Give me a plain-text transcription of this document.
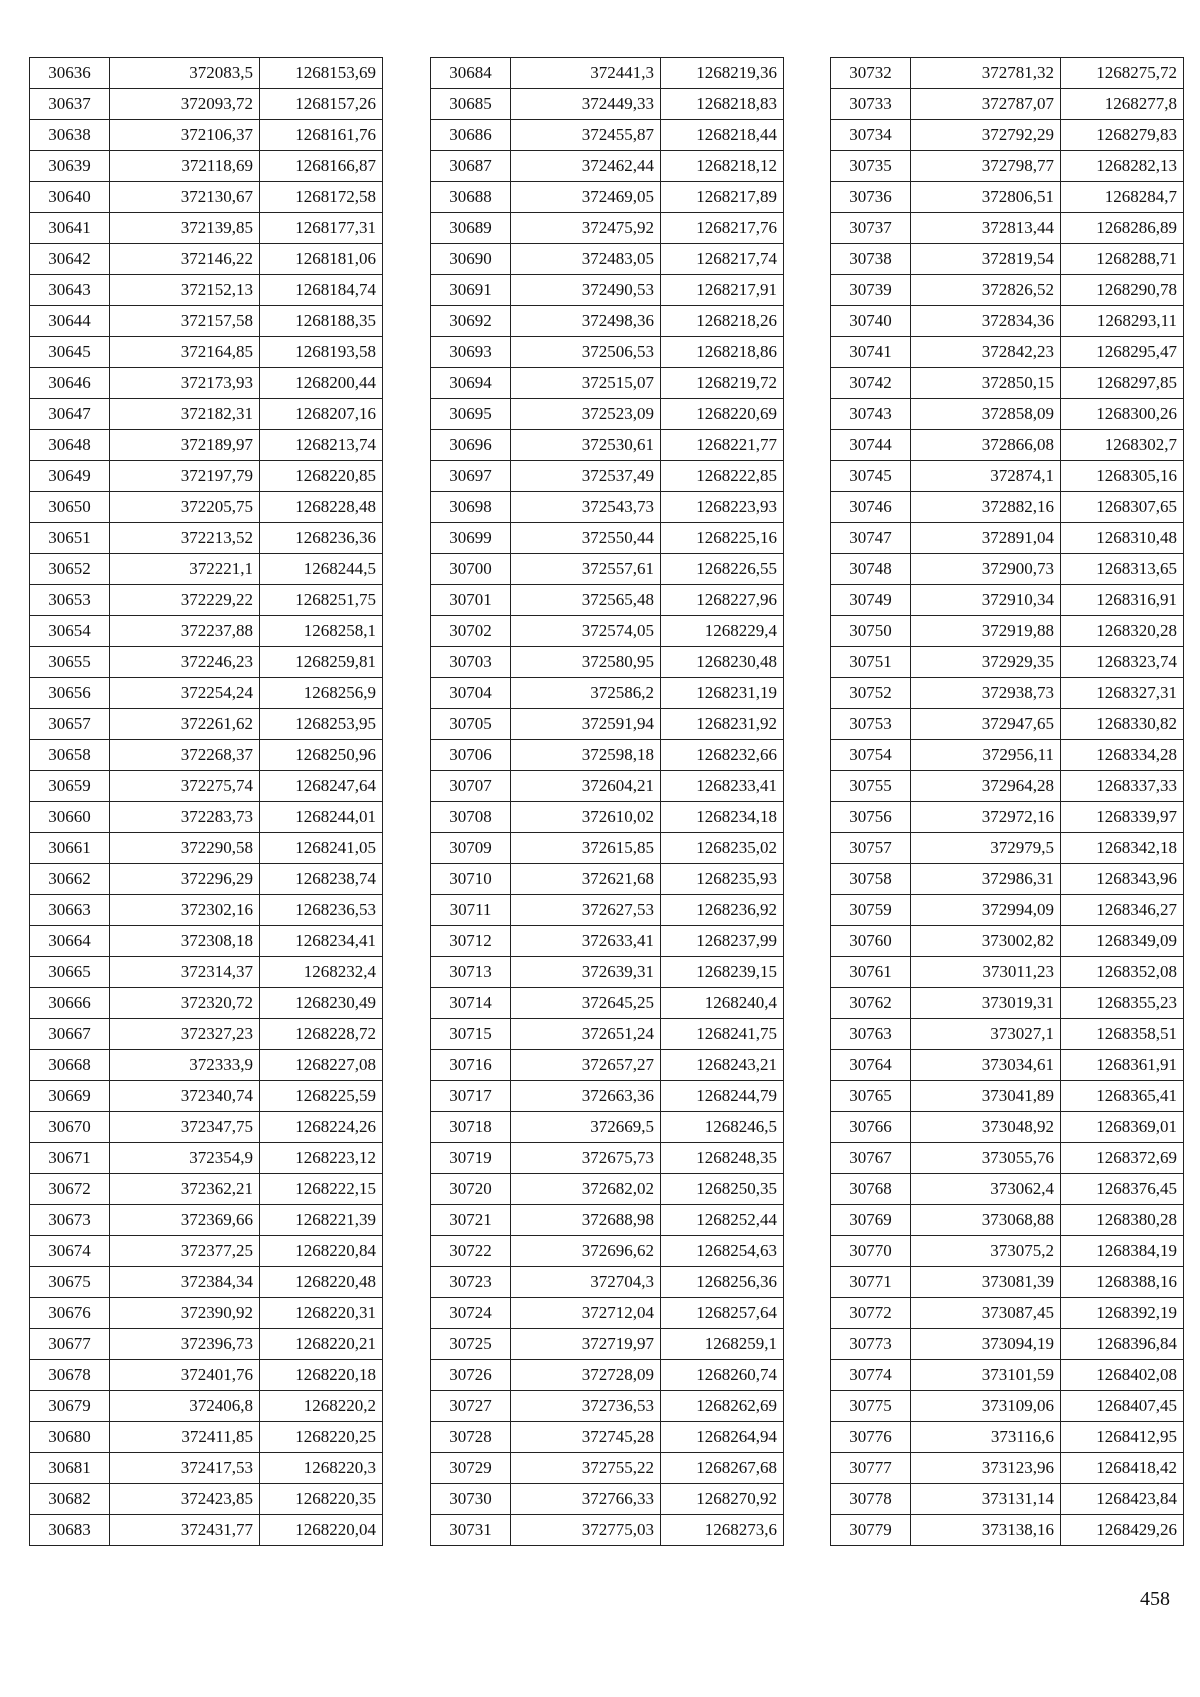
30636	372083,5	1268153,69
30637	372093,72	1268157,26
30638	372106,37	1268161,76
30639	372118,69	1268166,87
30640	372130,67	1268172,58
30641	372139,85	1268177,31
30642	372146,22	1268181,06
30643	372152,13	1268184,74
30644	372157,58	1268188,35
30645	372164,85	1268193,58
30646	372173,93	1268200,44
30647	372182,31	1268207,16
30648	372189,97	1268213,74
30649	372197,79	1268220,85
30650	372205,75	1268228,48
30651	372213,52	1268236,36
30652	372221,1	1268244,5
30653	372229,22	1268251,75
30654	372237,88	1268258,1
30655	372246,23	1268259,81
30656	372254,24	1268256,9
30657	372261,62	1268253,95
30658	372268,37	1268250,96
30659	372275,74	1268247,64
30660	372283,73	1268244,01
30661	372290,58	1268241,05
30662	372296,29	1268238,74
30663	372302,16	1268236,53
30664	372308,18	1268234,41
30665	372314,37	1268232,4
30666	372320,72	1268230,49
30667	372327,23	1268228,72
30668	372333,9	1268227,08
30669	372340,74	1268225,59
30670	372347,75	1268224,26
30671	372354,9	1268223,12
30672	372362,21	1268222,15
30673	372369,66	1268221,39
30674	372377,25	1268220,84
30675	372384,34	1268220,48
30676	372390,92	1268220,31
30677	372396,73	1268220,21
30678	372401,76	1268220,18
30679	372406,8	1268220,2
30680	372411,85	1268220,25
30681	372417,53	1268220,3
30682	372423,85	1268220,35
30683	372431,77	1268220,04
30684	372441,3	1268219,36
30685	372449,33	1268218,83
30686	372455,87	1268218,44
30687	372462,44	1268218,12
30688	372469,05	1268217,89
30689	372475,92	1268217,76
30690	372483,05	1268217,74
30691	372490,53	1268217,91
30692	372498,36	1268218,26
30693	372506,53	1268218,86
30694	372515,07	1268219,72
30695	372523,09	1268220,69
30696	372530,61	1268221,77
30697	372537,49	1268222,85
30698	372543,73	1268223,93
30699	372550,44	1268225,16
30700	372557,61	1268226,55
30701	372565,48	1268227,96
30702	372574,05	1268229,4
30703	372580,95	1268230,48
30704	372586,2	1268231,19
30705	372591,94	1268231,92
30706	372598,18	1268232,66
30707	372604,21	1268233,41
30708	372610,02	1268234,18
30709	372615,85	1268235,02
30710	372621,68	1268235,93
30711	372627,53	1268236,92
30712	372633,41	1268237,99
30713	372639,31	1268239,15
30714	372645,25	1268240,4
30715	372651,24	1268241,75
30716	372657,27	1268243,21
30717	372663,36	1268244,79
30718	372669,5	1268246,5
30719	372675,73	1268248,35
30720	372682,02	1268250,35
30721	372688,98	1268252,44
30722	372696,62	1268254,63
30723	372704,3	1268256,36
30724	372712,04	1268257,64
30725	372719,97	1268259,1
30726	372728,09	1268260,74
30727	372736,53	1268262,69
30728	372745,28	1268264,94
30729	372755,22	1268267,68
30730	372766,33	1268270,92
30731	372775,03	1268273,6
30732	372781,32	1268275,72
30733	372787,07	1268277,8
30734	372792,29	1268279,83
30735	372798,77	1268282,13
30736	372806,51	1268284,7
30737	372813,44	1268286,89
30738	372819,54	1268288,71
30739	372826,52	1268290,78
30740	372834,36	1268293,11
30741	372842,23	1268295,47
30742	372850,15	1268297,85
30743	372858,09	1268300,26
30744	372866,08	1268302,7
30745	372874,1	1268305,16
30746	372882,16	1268307,65
30747	372891,04	1268310,48
30748	372900,73	1268313,65
30749	372910,34	1268316,91
30750	372919,88	1268320,28
30751	372929,35	1268323,74
30752	372938,73	1268327,31
30753	372947,65	1268330,82
30754	372956,11	1268334,28
30755	372964,28	1268337,33
30756	372972,16	1268339,97
30757	372979,5	1268342,18
30758	372986,31	1268343,96
30759	372994,09	1268346,27
30760	373002,82	1268349,09
30761	373011,23	1268352,08
30762	373019,31	1268355,23
30763	373027,1	1268358,51
30764	373034,61	1268361,91
30765	373041,89	1268365,41
30766	373048,92	1268369,01
30767	373055,76	1268372,69
30768	373062,4	1268376,45
30769	373068,88	1268380,28
30770	373075,2	1268384,19
30771	373081,39	1268388,16
30772	373087,45	1268392,19
30773	373094,19	1268396,84
30774	373101,59	1268402,08
30775	373109,06	1268407,45
30776	373116,6	1268412,95
30777	373123,96	1268418,42
30778	373131,14	1268423,84
30779	373138,16	1268429,26
458
